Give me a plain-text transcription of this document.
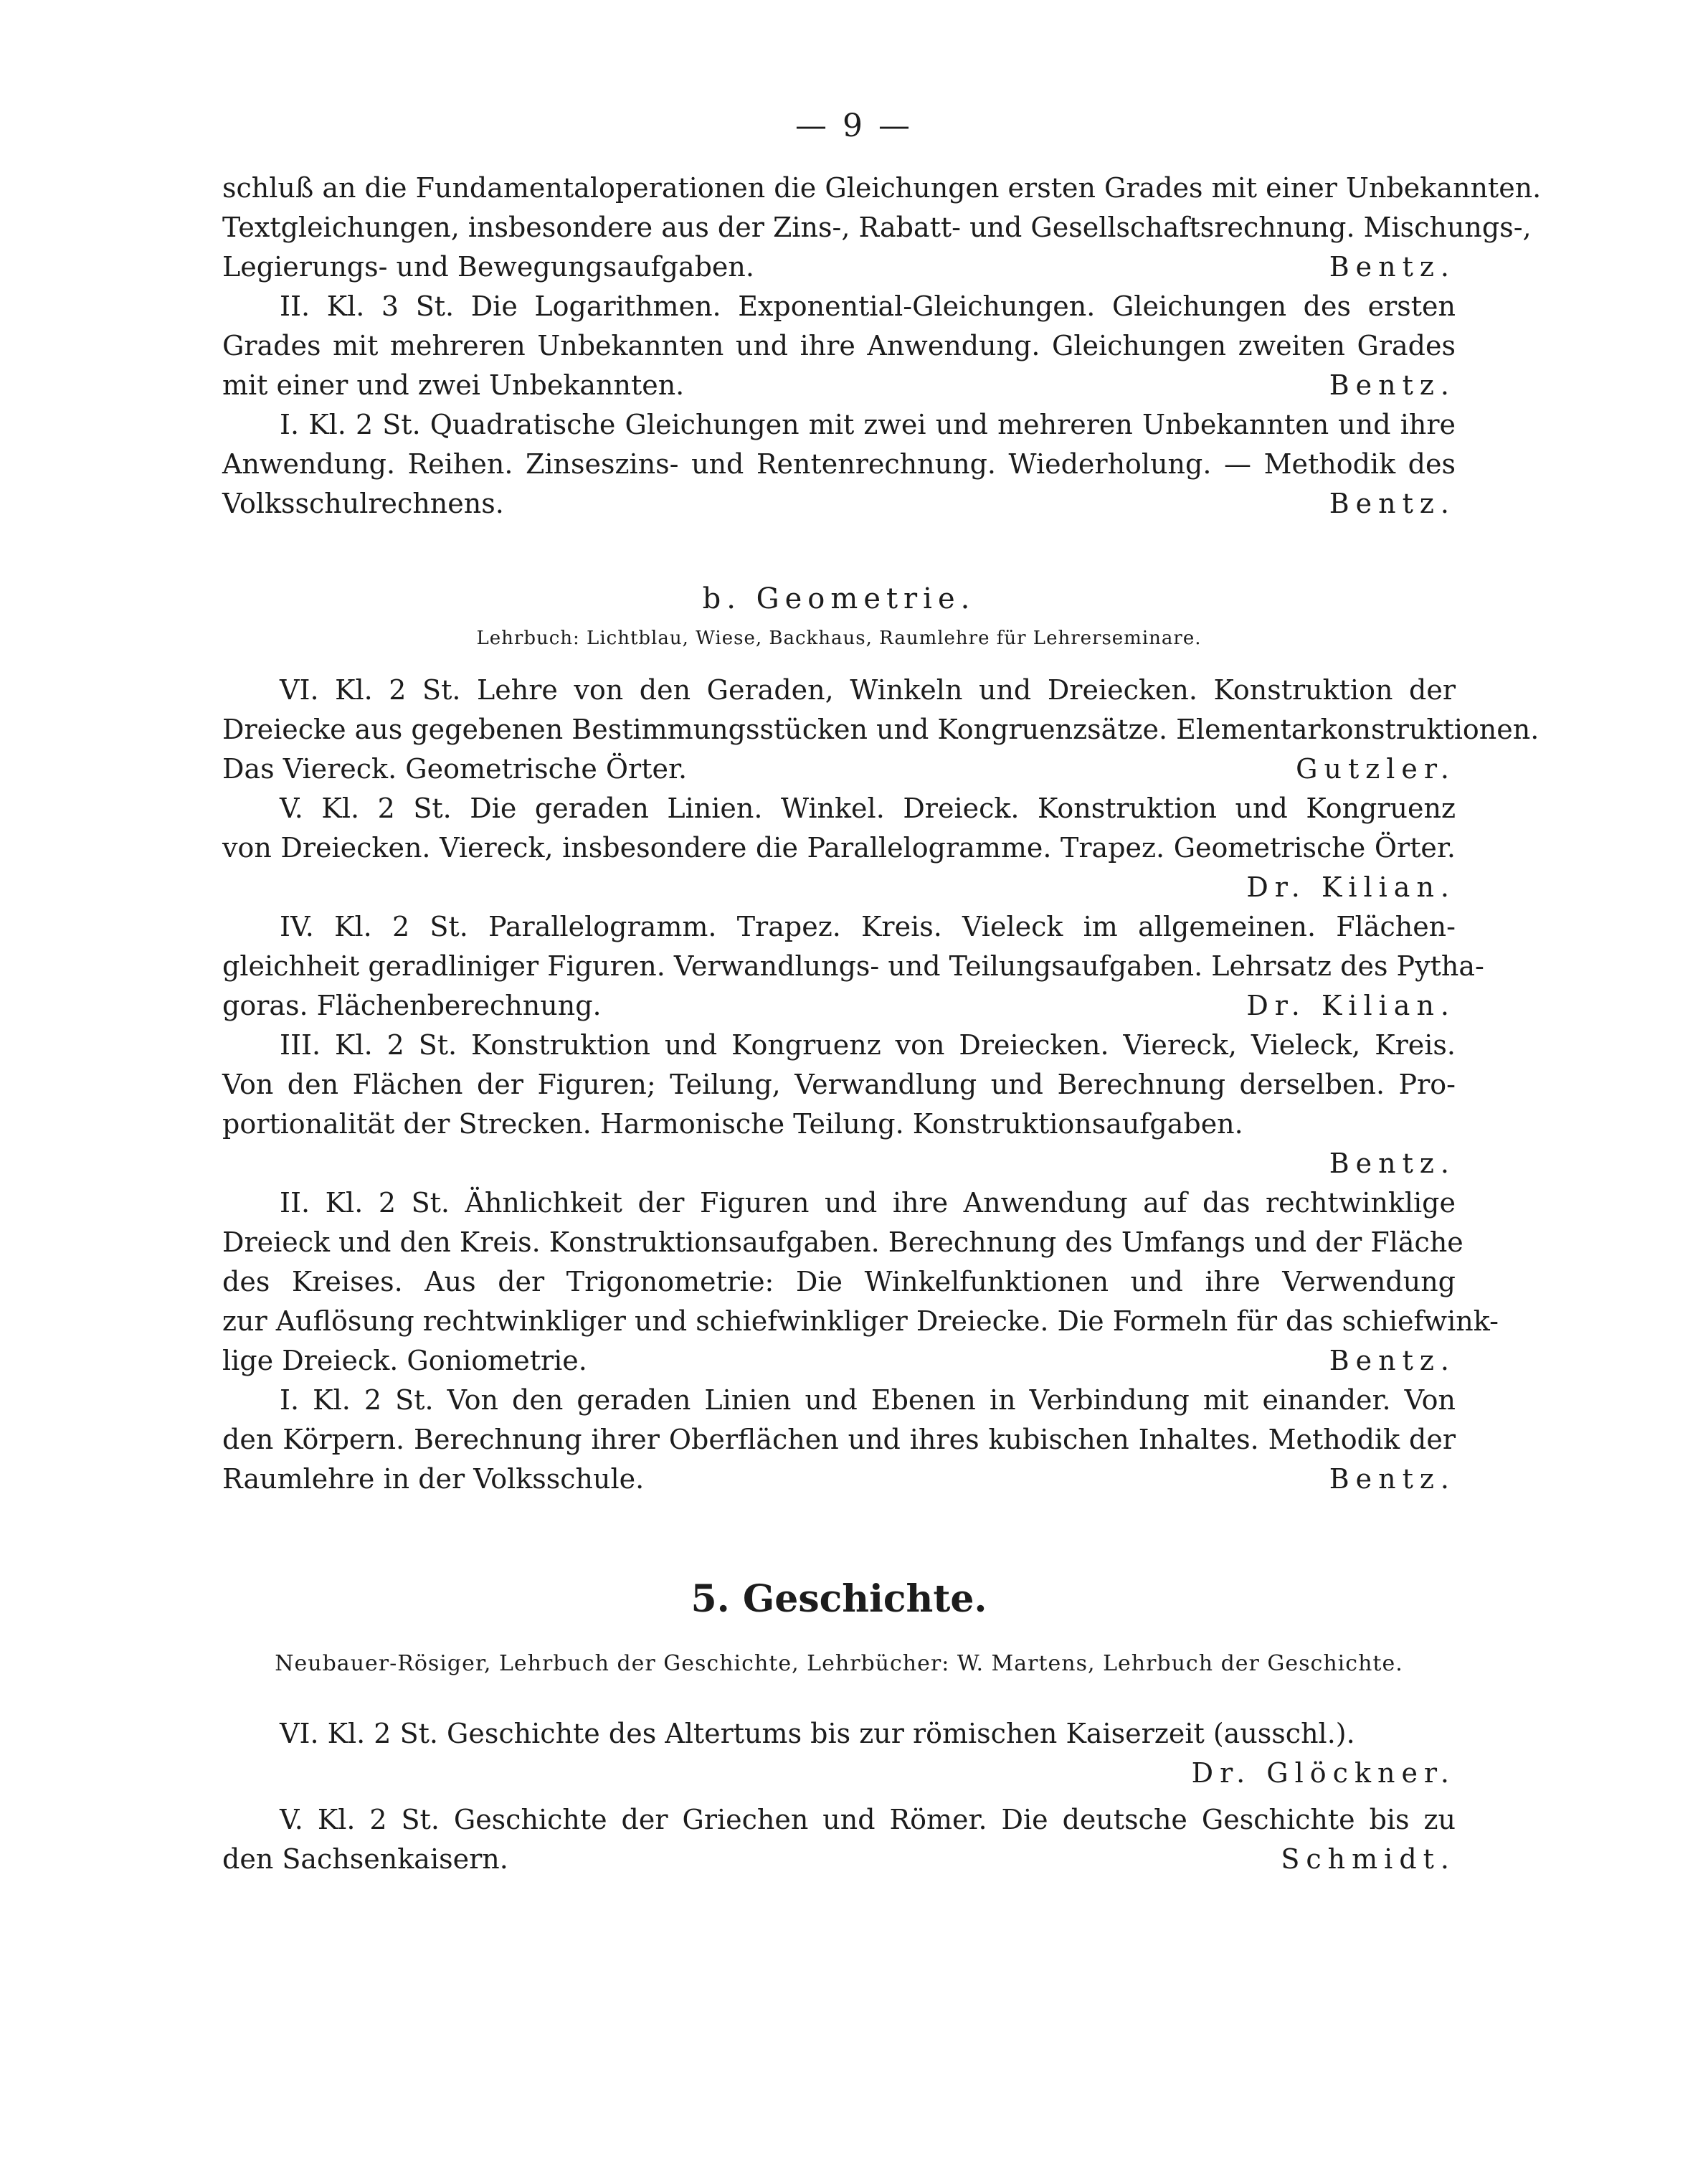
— 9 —
schluß an die Fundamentaloperationen die Gleichungen ersten Grades mit einer Unbekannten.
Textgleichungen, insbesondere aus der Zins-, Rabatt- und Gesellschaftsrechnung. Mischungs-,
Legierungs- und Bewegungsaufgaben.	Bentz.
II. Kl. 3 St. Die Logarithmen. Exponential-Gleichungen. Gleichungen des ersten
Grades mit mehreren Unbekannten und ihre Anwendung. Gleichungen zweiten Grades
mit einer und zwei Unbekannten.	Bentz.
I. Kl. 2 St. Quadratische Gleichungen mit zwei und mehreren Unbekannten und ihre
Anwendung. Reihen. Zinseszins- und Rentenrechnung. Wiederholung. — Methodik des
Volksschulrechnens.	Bentz.
b. Geometrie.
Lehrbuch: Lichtblau, Wiese, Backhaus, Raumlehre für Lehrerseminare.
VI. Kl. 2 St. Lehre von den Geraden, Winkeln und Dreiecken. Konstruktion der
Dreiecke aus gegebenen Bestimmungsstücken und Kongruenzsätze. Elementarkonstruktionen.
Das Viereck. Geometrische Örter.	Gutzler.
V. Kl. 2 St. Die geraden Linien. Winkel. Dreieck. Konstruktion und Kongruenz
von Dreiecken. Viereck, insbesondere die Parallelogramme. Trapez. Geometrische Örter.
Dr. Kilian.
IV. Kl. 2 St. Parallelogramm. Trapez. Kreis. Vieleck im allgemeinen. Flächen-
gleichheit geradliniger Figuren. Verwandlungs- und Teilungsaufgaben. Lehrsatz des Pytha-
goras. Flächenberechnung.	Dr. Kilian.
III. Kl. 2 St. Konstruktion und Kongruenz von Dreiecken. Viereck, Vieleck, Kreis.
Von den Flächen der Figuren; Teilung, Verwandlung und Berechnung derselben. Pro-
portionalität der Strecken. Harmonische Teilung. Konstruktionsaufgaben.
Bentz.
II. Kl. 2 St. Ähnlichkeit der Figuren und ihre Anwendung auf das rechtwinklige
Dreieck und den Kreis. Konstruktionsaufgaben. Berechnung des Umfangs und der Fläche
des Kreises. Aus der Trigonometrie: Die Winkelfunktionen und ihre Verwendung
zur Auflösung rechtwinkliger und schiefwinkliger Dreiecke. Die Formeln für das schiefwink-
lige Dreieck. Goniometrie.	Bentz.
I. Kl. 2 St. Von den geraden Linien und Ebenen in Verbindung mit einander. Von
den Körpern. Berechnung ihrer Oberflächen und ihres kubischen Inhaltes. Methodik der
Raumlehre in der Volksschule.	Bentz.
5. Geschichte.
Neubauer-Rösiger, Lehrbuch der Geschichte, Lehrbücher: W. Martens, Lehrbuch der Geschichte.
VI. Kl. 2 St. Geschichte des Altertums bis zur römischen Kaiserzeit (ausschl.).
Dr. Glöckner.
V. Kl. 2 St. Geschichte der Griechen und Römer. Die deutsche Geschichte bis zu
den Sachsenkaisern.	Schmidt.
